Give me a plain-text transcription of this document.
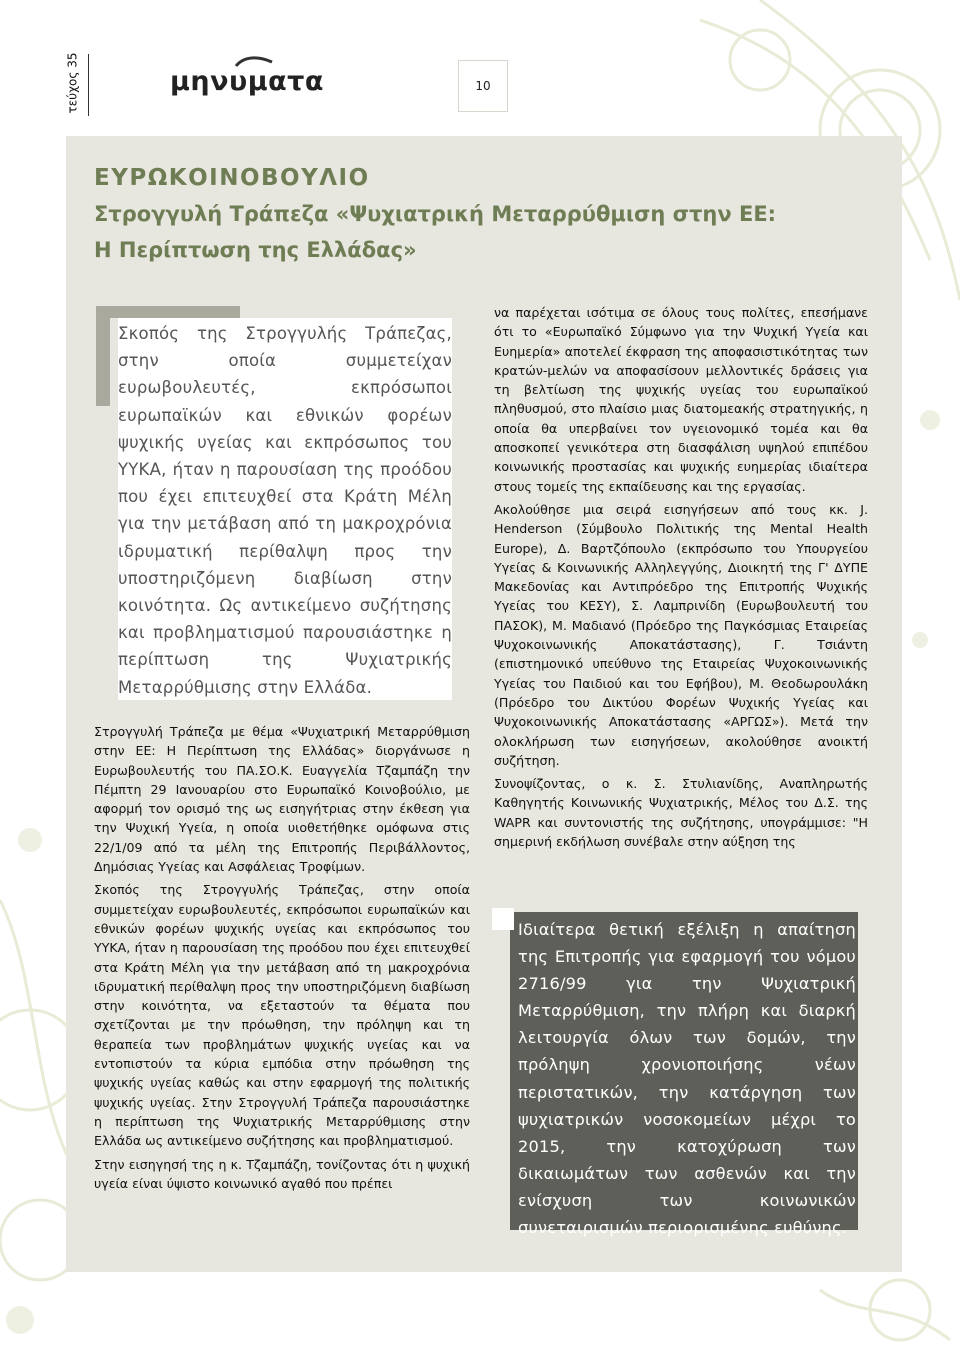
τεύχος 35	μηνυματα	10
ΕΥΡΩΚΟΙΝΟΒΟΥΛΙΟ
Στρογγυλή Τράπεζα «Ψυχιατρική Μεταρρύθμιση στην ΕΕ:
Η Περίπτωση της Ελλάδας»
Σκοπός της Στρογγυλής Τράπεζας, στην οποία συμμετείχαν ευρωβουλευτές, εκπρόσωποι ευρωπαϊκών και εθνικών φορέων ψυχικής υγείας και εκπρόσωπος του ΥΥΚΑ, ήταν η παρουσίαση της προόδου που έχει επιτευχθεί στα Κράτη Μέλη για την μετάβαση από τη μακροχρόνια ιδρυματική περίθαλψη προς την υποστηριζόμενη διαβίωση στην κοινότητα. Ως αντικείμενο συζήτησης και προβληματισμού παρουσιάστηκε η περίπτωση της Ψυχιατρικής Μεταρρύθμισης στην Ελλάδα.

Στρογγυλή Τράπεζα με θέμα «Ψυχιατρική Μεταρρύθμιση στην ΕΕ: Η Περίπτωση της Ελλάδας» διοργάνωσε η Ευρωβουλευτής του ΠΑ.ΣΟ.Κ. Ευαγγελία Τζαμπάζη την Πέμπτη 29 Ιανουαρίου στο Ευρωπαϊκό Κοινοβούλιο, με αφορμή τον ορισμό της ως εισηγήτριας στην έκθεση για την Ψυχική Υγεία, η οποία υιοθετήθηκε ομόφωνα στις 22/1/09 από τα μέλη της Επιτροπής Περιβάλλοντος, Δημόσιας Υγείας και Ασφάλειας Τροφίμων.

Σκοπός της Στρογγυλής Τράπεζας, στην οποία συμμετείχαν ευρωβουλευτές, εκπρόσωποι ευρωπαϊκών και εθνικών φορέων ψυχικής υγείας και εκπρόσωπος του ΥΥΚΑ, ήταν η παρουσίαση της προόδου που έχει επιτευχθεί στα Κράτη Μέλη για την μετάβαση από τη μακροχρόνια ιδρυματική περίθαλψη προς την υποστηριζόμενη διαβίωση στην κοινότητα, να εξεταστούν τα θέματα που σχετίζονται με την πρόωθηση, την πρόληψη και τη θεραπεία των προβλημάτων ψυχικής υγείας και να εντοπιστούν τα κύρια εμπόδια στην πρόωθηση της ψυχικής υγείας καθώς και στην εφαρμογή της πολιτικής ψυχικής υγείας. Στην Στρογγυλή Τράπεζα παρουσιάστηκε η περίπτωση της Ψυχιατρικής Μεταρρύθμισης στην Ελλάδα ως αντικείμενο συζήτησης και προβληματισμού.

Στην εισηγησή της η κ. Τζαμπάζη, τονίζοντας ότι η ψυχική υγεία είναι ύψιστο κοινωνικό αγαθό που πρέπει

να παρέχεται ισότιμα σε όλους τους πολίτες, επεσήμανε ότι το «Ευρωπαϊκό Σύμφωνο για την Ψυχική Υγεία και Ευημερία» αποτελεί έκφραση της αποφασιστικότητας των κρατών-μελών να αποφασίσουν μελλοντικές δράσεις για τη βελτίωση της ψυχικής υγείας του ευρωπαϊκού πληθυσμού, στο πλαίσιο μιας διατομεακής στρατηγικής, η οποία θα υπερβαίνει τον υγειονομικό τομέα και θα αποσκοπεί γενικότερα στη διασφάλιση υψηλού επιπέδου κοινωνικής προστασίας και ψυχικής ευημερίας ιδιαίτερα στους τομείς της εκπαίδευσης και της εργασίας.

Ακολούθησε μια σειρά εισηγήσεων από τους κκ. J. Henderson (Σύμβουλο Πολιτικής της Mental Health Europe), Δ. Βαρτζόπουλο (εκπρόσωπο του Υπουργείου Υγείας & Κοινωνικής Αλληλεγγύης, Διοικητή της Γ' ΔΥΠΕ Μακεδονίας και Αντιπρόεδρο της Επιτροπής Ψυχικής Υγείας του ΚΕΣΥ), Σ. Λαμπρινίδη (Ευρωβουλευτή του ΠΑΣΟΚ), Μ. Μαδιανό (Πρόεδρο της Παγκόσμιας Εταιρείας Ψυχοκοινωνικής Αποκατάστασης), Γ. Τσιάντη (επιστημονικό υπεύθυνο της Εταιρείας Ψυχοκοινωνικής Υγείας του Παιδιού και του Εφήβου), Μ. Θεοδωρουλάκη (Πρόεδρο του Δικτύου Φορέων Ψυχικής Υγείας και Ψυχοκοινωνικής Αποκατάστασης «ΑΡΓΩΣ»). Μετά την ολοκλήρωση των εισηγήσεων, ακολούθησε ανοικτή συζήτηση.

Συνοψίζοντας, ο κ. Σ. Στυλιανίδης, Αναπληρωτής Καθηγητής Κοινωνικής Ψυχιατρικής, Μέλος του Δ.Σ. της WAPR και συντονιστής της συζήτησης, υπογράμμισε: "Η σημερινή εκδήλωση συνέβαλε στην αύξηση της

Ιδιαίτερα θετική εξέλιξη η απαίτηση της Επιτροπής για εφαρμογή του νόμου 2716/99 για την Ψυχιατρική Μεταρρύθμιση, την πλήρη και διαρκή λειτουργία όλων των δομών, την πρόληψη χρονιοποιήσης νέων περιστατικών, την κατάργηση των ψυχιατρικών νοσοκομείων μέχρι το 2015, την κατοχύρωση των δικαιωμάτων των ασθενών και την ενίσχυση των κοινωνικών συνεταιρισμών περιορισμένης ευθύνης.
